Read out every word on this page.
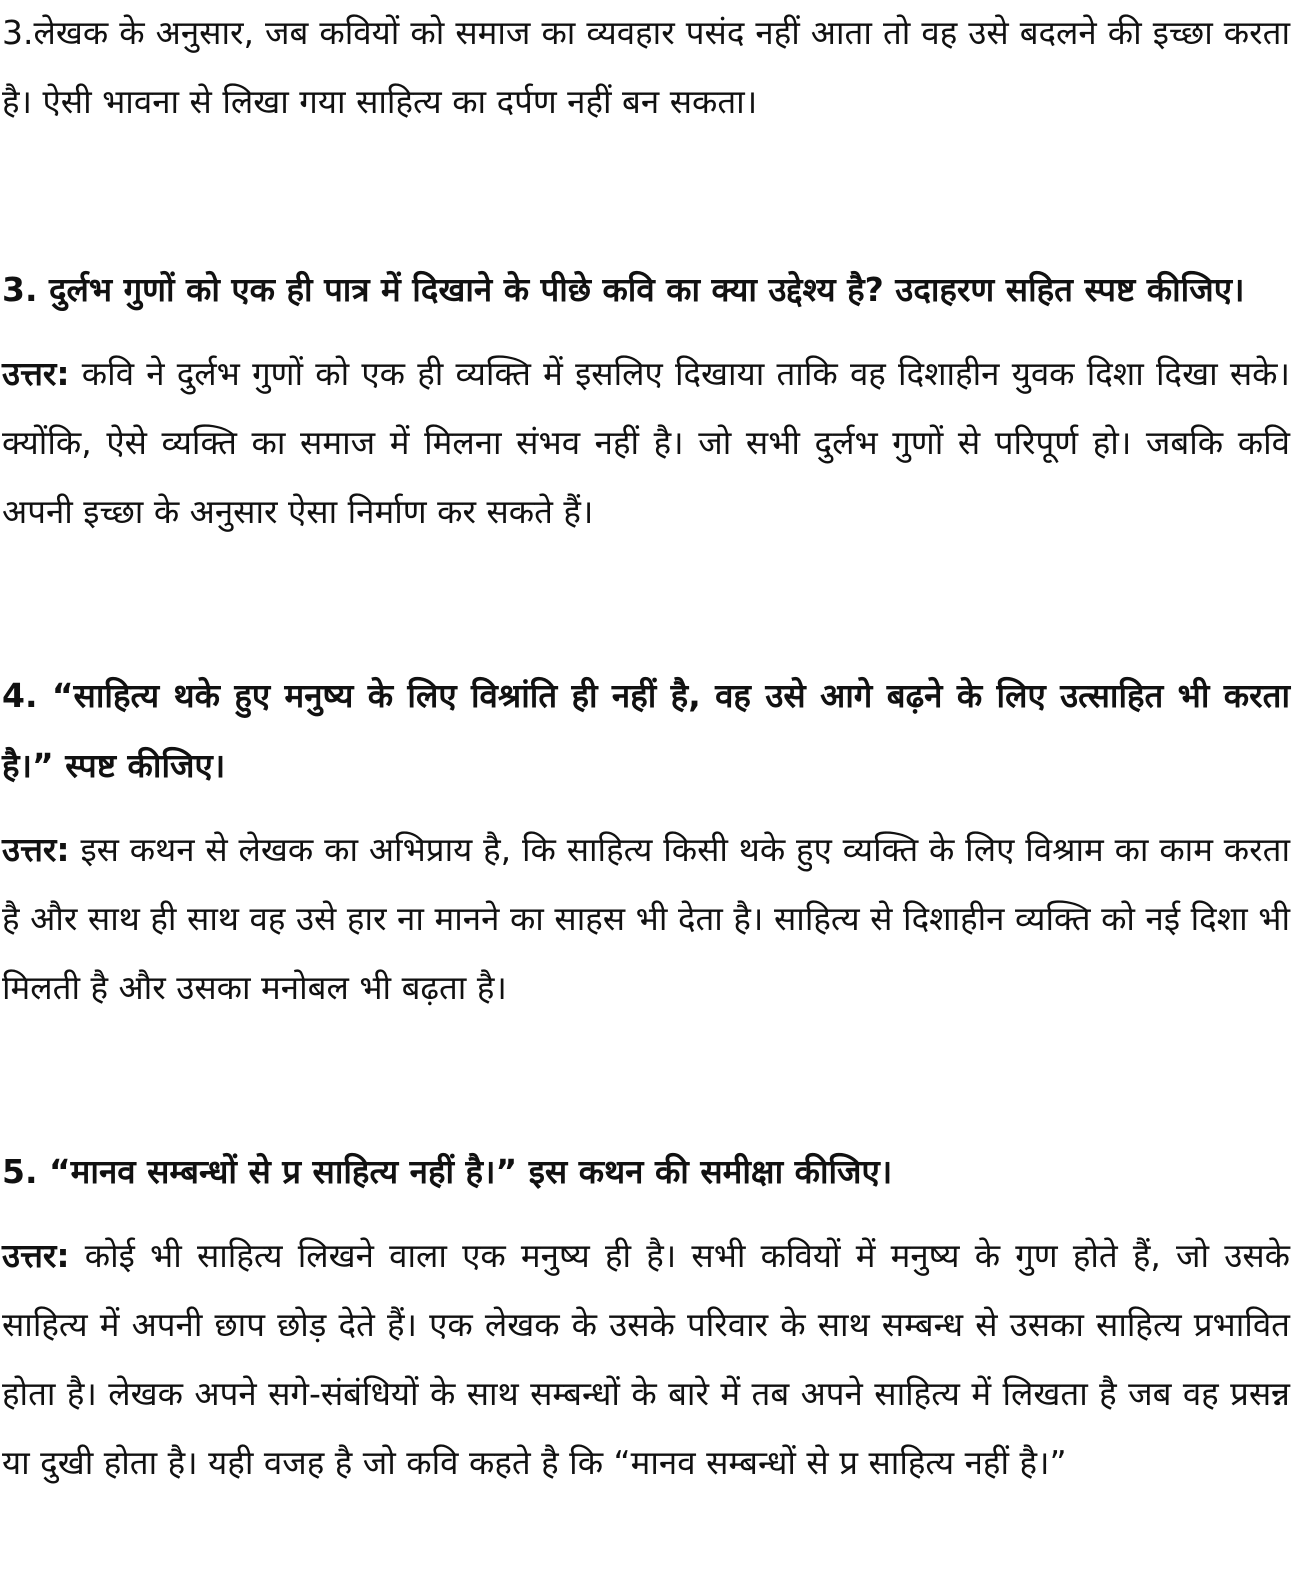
3.लेखक के अनुसार, जब कवियों को समाज का व्यवहार पसंद नहीं आता तो वह उसे बदलने की इच्छा करता है। ऐसी भावना से लिखा गया साहित्य का दर्पण नहीं बन सकता।

3. दुर्लभ गुणों को एक ही पात्र में दिखाने के पीछे कवि का क्या उद्देश्य है? उदाहरण सहित स्पष्ट कीजिए।

उत्तर: कवि ने दुर्लभ गुणों को एक ही व्यक्ति में इसलिए दिखाया ताकि वह दिशाहीन युवक दिशा दिखा सके।क्योंकि, ऐसे व्यक्ति का समाज में मिलना संभव नहीं है। जो सभी दुर्लभ गुणों से परिपूर्ण हो। जबकि कवि अपनी इच्छा के अनुसार ऐसा निर्माण कर सकते हैं।

4. “साहित्य थके हुए मनुष्य के लिए विश्रांति ही नहीं है, वह उसे आगे बढ़ने के लिए उत्साहित भी करता है।” स्पष्ट कीजिए।

उत्तर: इस कथन से लेखक का अभिप्राय है, कि साहित्य किसी थके हुए व्यक्ति के लिए विश्राम का काम करता है और साथ ही साथ वह उसे हार ना मानने का साहस भी देता है। साहित्य से दिशाहीन व्यक्ति को नई दिशा भी मिलती है और उसका मनोबल भी बढ़ता है।

5. “मानव सम्बन्धों से प्र साहित्य नहीं है।” इस कथन की समीक्षा कीजिए।

उत्तर: कोई भी साहित्य लिखने वाला एक मनुष्य ही है। सभी कवियों में मनुष्य के गुण होते हैं, जो उसके साहित्य में अपनी छाप छोड़ देते हैं। एक लेखक के उसके परिवार के साथ सम्बन्ध से उसका साहित्य प्रभावित होता है। लेखक अपने सगे-संबंधियों के साथ सम्बन्धों के बारे में तब अपने साहित्य में लिखता है जब वह प्रसन्न या दुखी होता है। यही वजह है जो कवि कहते है कि “मानव सम्बन्धों से प्र साहित्य नहीं है।”
